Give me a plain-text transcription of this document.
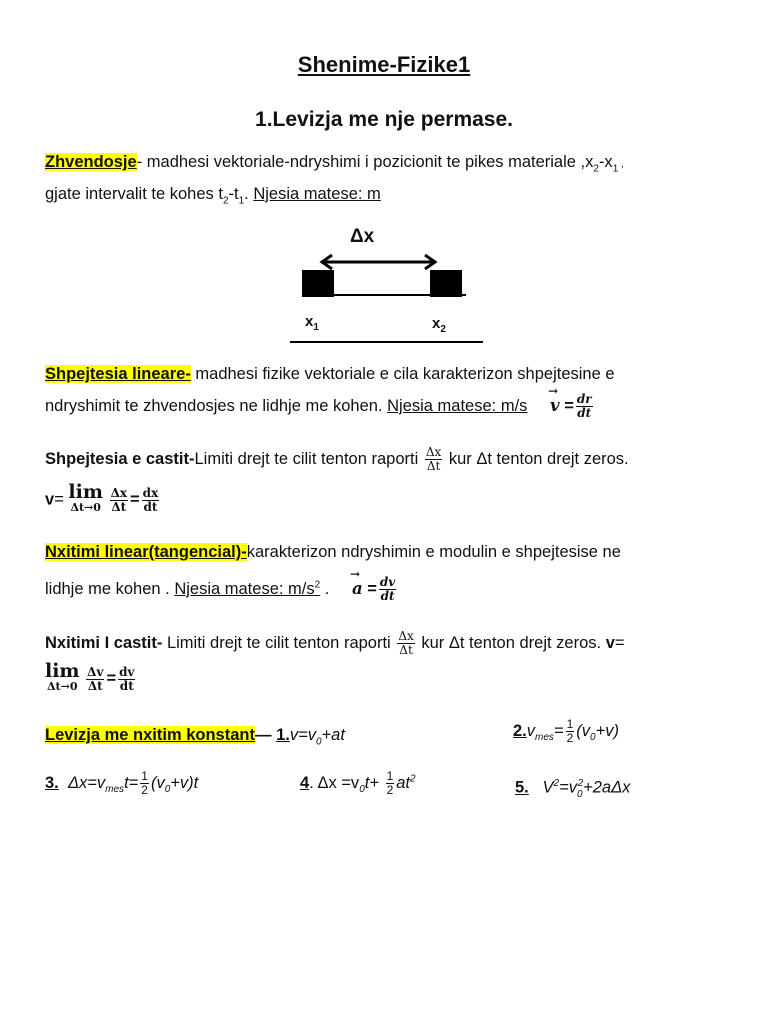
Shenime-Fizike1
1.Levizja me nje permase.
Zhvendosje- madhesi vektoriale-ndryshimi i pozicionit te pikes materiale $,x_2-x_1$ ,
gjate intervalit te kohes $t_2-t_1$. Njesia matese: m
Δx
$x_1$	$x_2$
Shpejtesia lineare- madhesi fizike vektoriale e cila karakterizon shpejtesine e
ndryshimit te zhvendosjes ne lidhje me kohen. Njesia matese: $m/s \to v = \frac{dr}{dt}$
Shpejtesia e castit-Limiti drejt te cilit tenton raporti $\frac{\Delta x}{\Delta t}$ kur Δt tenton drejt zeros.
v= lim
Δt→0
$\frac{\Delta x}{\Delta t} = \frac{dx}{dt}$
Nxitimi linear(tangencial)-karakterizon ndryshimin e modulin e shpejtesise ne
lidhje me kohen . Njesia matese: $m/s^2$ . → $a = \frac{dv}{dt}$
Nxitimi I castit- Limiti drejt te cilit tenton raporti $\frac{\Delta x}{\Delta t}$ kur Δt tenton drejt zeros. v=
lim
Δt→0
$\frac{\Delta v}{\Delta t} = \frac{dv}{dt}$
Levizja me nxitim konstant— $1.v=v_0+at$	$2.v_{mes}= \frac{1}{2} (v_0+v)$
3. $\Delta x=v_{mes}t= \frac{1}{2} (v_0+v)t$	4. $\Delta x =v_0t+ \frac{1}{2} at^2$	5. $V^2=v_0^2+2a\Delta x$
